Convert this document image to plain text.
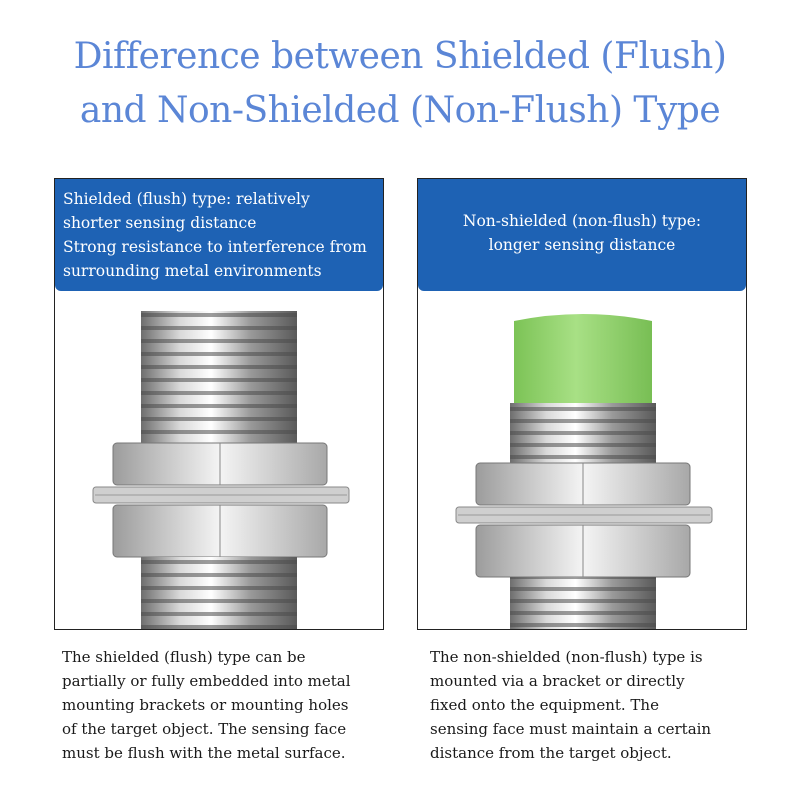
Difference between Shielded (Flush)
and Non-Shielded (Non-Flush) Type
Shielded (flush) type: relatively
shorter sensing distance
Strong resistance to interference from
surrounding metal environments
Non-shielded (non-flush) type:
longer sensing distance
The shielded (flush) type can be
partially or fully embedded into metal
mounting brackets or mounting holes
of the target object. The sensing face
must be flush with the metal surface.
The non-shielded (non-flush) type is
mounted via a bracket or directly
fixed onto the equipment. The
sensing face must maintain a certain
distance from the target object.
